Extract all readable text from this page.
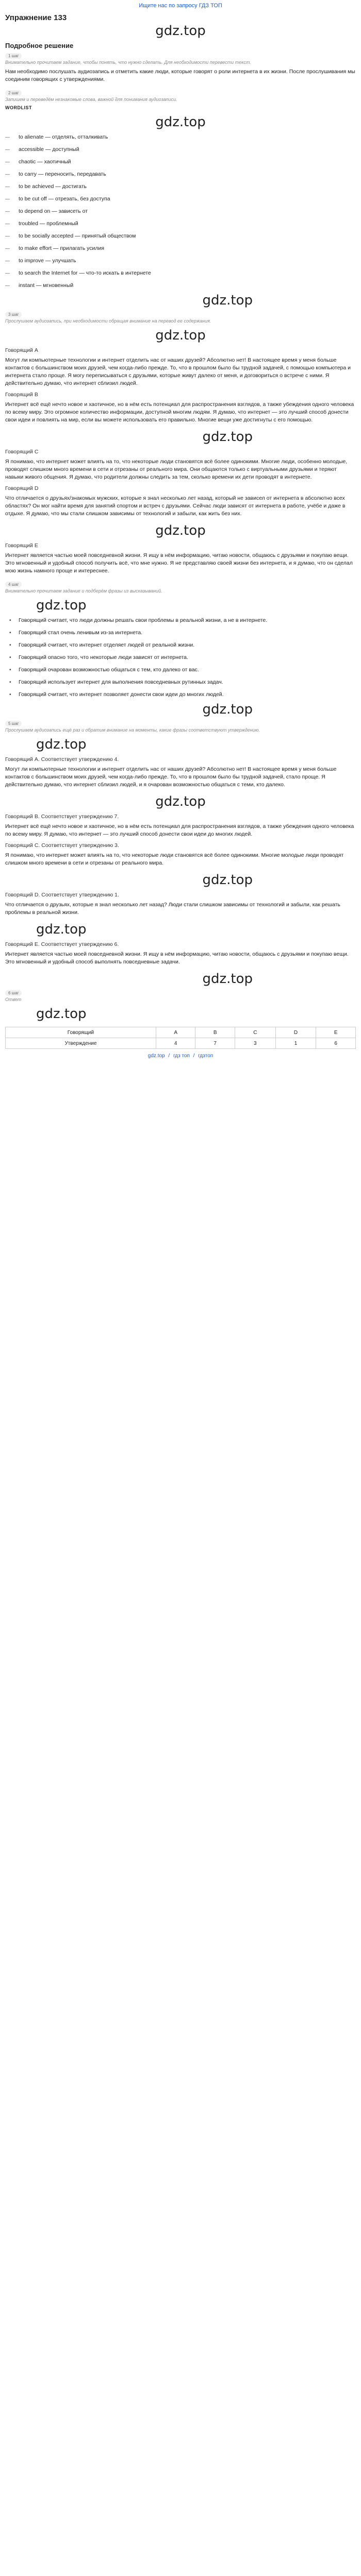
Ищите нас по запросу ГДЗ ТОП
Упражнение 133
gdz.top
Подробное решение
1 шаг
Внимательно прочитаем задание, чтобы понять, что нужно сделать. Для необходимости перевести текст.
Нам необходимо послушать аудиозапись и отметить какие люди, которые говорят о роли интернета в их жизни. После прослушивания мы соединим говорящих с утверждениями.
2 шаг
Запишем и переведём незнакомые слова, важной для понимания аудиозаписи.
WORDLIST
gdz.top
— to alienate — отделять, отталкивать
— accessible — доступный
— chaotic — хаотичный
— to carry — переносить, передавать
— to be achieved — достигать
— to be cut off — отрезать, без доступа
— to depend on — зависеть от
— troubled — проблемный
— to be socially accepted — принятый обществом
— to make effort — прилагать усилия
— to improve — улучшать
— to search the Internet for — что-то искать в интернете
— instant — мгновенный
gdz.top
3 шаг
Прослушаем аудиозапись, при необходимости обращая внимание на перевод ее содержания.
gdz.top
Говорящий A

Могут ли компьютерные технологии и интернет отделить нас от наших друзей? Абсолютно нет! В настоящее время у меня больше контактов с большинством моих друзей, чем когда-либо прежде. То, что в прошлом было бы трудной задачей, с помощью компьютера и интернета стало проще. Я могу переписываться с друзьями, которые живут далеко от меня, и договориться о встрече с ними. Я действительно думаю, что интернет сблизил людей.

Говорящий B

Интернет всё ещё нечто новое и хаотичное, но в нём есть потенциал для распространения взглядов, а также убеждения одного человека по всему миру. Это огромное количество информации, доступной многим людям. Я думаю, что интернет — это лучший способ донести свои идеи и повлиять на мир, если вы можете использовать его правильно. Многие вещи уже достигнуты с его помощью.

gdz.top
Говорящий C

Я понимаю, что интернет может влиять на то, что некоторые люди становятся всё более одинокими. Многие люди, особенно молодые, проводят слишком много времени в сети и отрезаны от реального мира. Они общаются только с виртуальными друзьями и теряют навыки живого общения. Я думаю, что родители должны следить за тем, сколько времени их дети проводят в интернете.

Говорящий D

Что отличается о друзьях/знакомых мужских, которые я знал несколько лет назад, который не зависел от интернета в абсолютно всех областях? Он мог найти время для занятий спортом и встреч с друзьями. Сейчас люди зависят от интернета в работе, учёбе и даже в отдыхе. Я думаю, что мы стали слишком зависимы от технологий и забыли, как жить без них.

gdz.top
Говорящий E

Интернет является частью моей повседневной жизни. Я ищу в нём информацию, читаю новости, общаюсь с друзьями и покупаю вещи. Это мгновенный и удобный способ получить всё, что мне нужно. Я не представляю своей жизни без интернета, и я думаю, что он сделал мою жизнь намного проще и интереснее.

4 шаг
Внимательно прочитаем задание и подберём фразы из высказываний.
gdz.top
• Говорящий считает, что люди должны решать свои проблемы в реальной жизни, а не в интернете.
• Говорящий стал очень ленивым из-за интернета.
• Говорящий считает, что интернет отделяет людей от реальной жизни.
• Говорящий опасно того, что некоторые люди зависят от интернета.
• Говорящий очарован возможностью общаться с тем, кто далеко от вас.
• Говорящий использует интернет для выполнения повседневных рутинных задач.
• Говорящий считает, что интернет позволяет донести свои идеи до многих людей.
gdz.top
5 шаг
Прослушаем аудиозапись ещё раз и обратим внимание на моменты, какие фразы соответствуют утверждению.
gdz.top
Говорящий A. Соответствует утверждению 4.

Могут ли компьютерные технологии и интернет отделить нас от наших друзей? Абсолютно нет! В настоящее время у меня больше контактов с большинством моих друзей, чем когда-либо прежде. То, что в прошлом было бы трудной задачей, стало проще. Я действительно думаю, что интернет сблизил людей, и я очарован возможностью общаться с теми, кто далеко.

gdz.top
Говорящий B. Соответствует утверждению 7.

Интернет всё ещё нечто новое и хаотичное, но в нём есть потенциал для распространения взглядов, а также убеждения одного человека по всему миру. Я думаю, что интернет — это лучший способ донести свои идеи до многих людей.

Говорящий C. Соответствует утверждению 3.

Я понимаю, что интернет может влиять на то, что некоторые люди становятся всё более одинокими. Многие молодые люди проводят слишком много времени в сети и отрезаны от реального мира.

gdz.top
Говорящий D. Соответствует утверждению 1.

Что отличается о друзьях, которые я знал несколько лет назад? Люди стали слишком зависимы от технологий и забыли, как решать проблемы в реальной жизни.

gdz.top
Говорящий E. Соответствует утверждению 6.

Интернет является частью моей повседневной жизни. Я ищу в нём информацию, читаю новости, общаюсь с друзьями и покупаю вещи. Это мгновенный и удобный способ выполнять повседневные задачи.

gdz.top
6 шаг
Ответ
gdz.top
Говорящий	A	B	C	D	E
Утверждение	4	7	3	1	6
gdz.top / гдз топ / гдзтоп
